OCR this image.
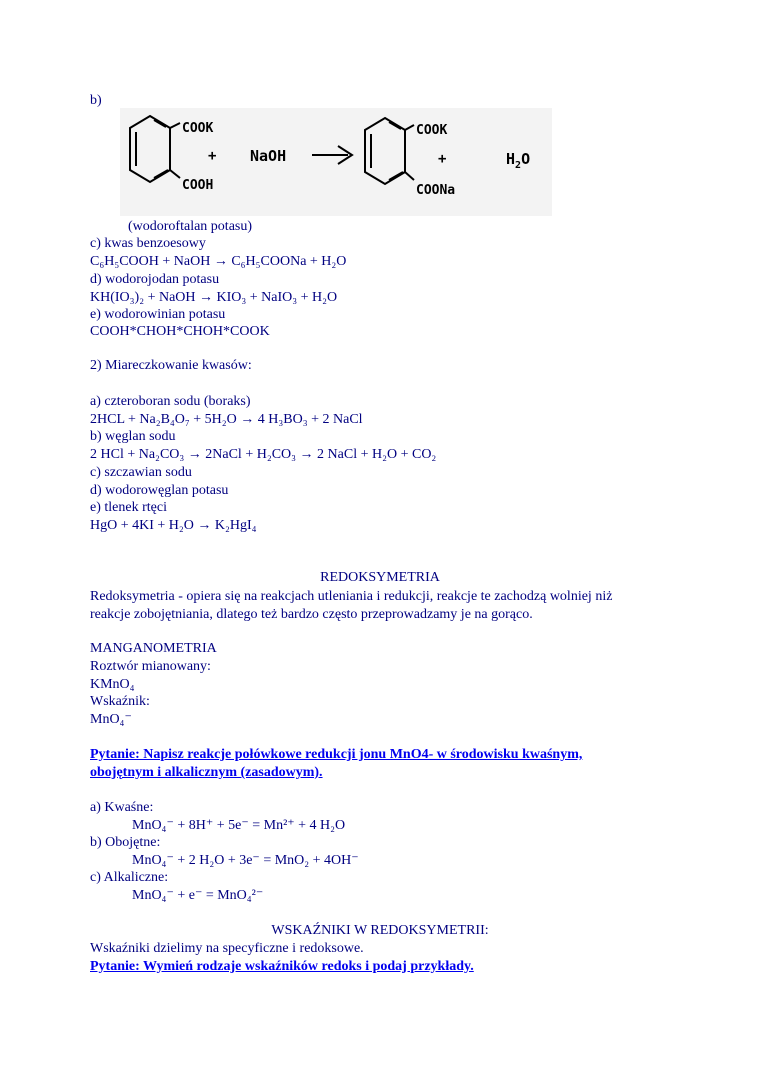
b)
COOK
COOH
+ NaOH
COOK
+
COONa
$H_2O$
(wodoroftalan potasu)
c) kwas benzoesowy
C₆H₅COOH + NaOH → C₆H₅COONa + H₂O
d) wodorojodan potasu
KH(IO₃)₂ + NaOH → KIO₃ + NaIO₃ + H₂O
e) wodorowinian potasu
COOH*CHOH*CHOH*COOK
2) Miareczkowanie kwasów:
a) czteroboran sodu (boraks)
2HCL + Na₂B₄O₇ + 5H₂O → 4 H₃BO₃ + 2 NaCl
b) węglan sodu
2 HCl + Na₂CO₃ → 2NaCl + H₂CO₃ → 2 NaCl + H₂O + CO₂
c) szczawian sodu
d) wodorowęglan potasu
e) tlenek rtęci
HgO + 4KI + H₂O → K₂HgI₄
REDOKSYMETRIA
Redoksymetria - opiera się na reakcjach utleniania i redukcji, reakcje te zachodzą wolniej niż
reakcje zobojętniania, dlatego też bardzo często przeprowadzamy je na gorąco.
MANGANOMETRIA
Roztwór mianowany:
KMnO₄
Wskaźnik:
MnO₄⁻
Pytanie: Napisz reakcje połówkowe redukcji jonu MnO4- w środowisku kwaśnym,
obojętnym i alkalicznym (zasadowym).
a) Kwaśne:
MnO₄⁻ + 8H⁺ + 5e⁻ = Mn²⁺ + 4 H₂O
b) Obojętne:
MnO₄⁻ + 2 H₂O + 3e⁻ = MnO₂ + 4OH⁻
c) Alkaliczne:
MnO₄⁻ + e⁻ = MnO₄²⁻
WSKAŹNIKI W REDOKSYMETRII:
Wskaźniki dzielimy na specyficzne i redoksowe.
Pytanie: Wymień rodzaje wskaźników redoks i podaj przykłady.
